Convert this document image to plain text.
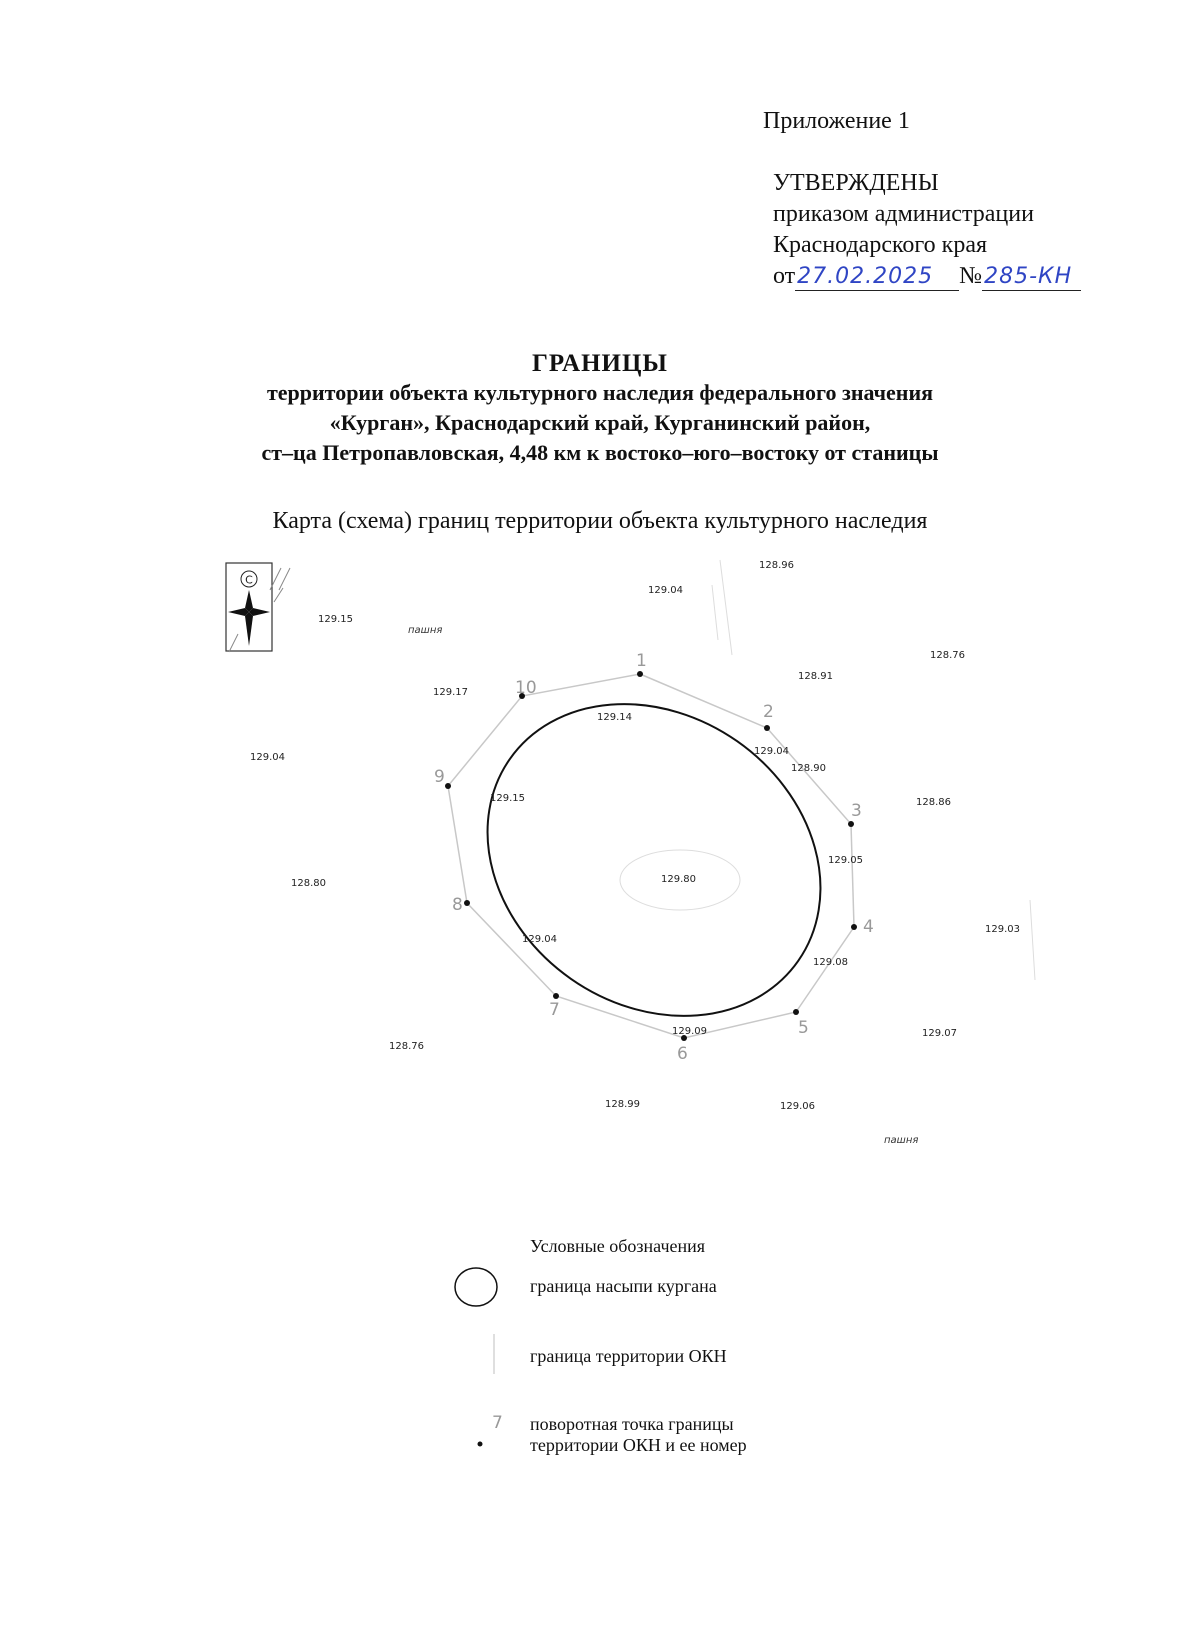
Приложение 1
УТВЕРЖДЕНЫ
приказом администрации
Краснодарского края
от27.02.2025 №285-КН
ГРАНИЦЫ
территории объекта культурного наследия федерального значения
«Курган», Краснодарский край, Курганинский район,
ст–ца Петропавловская, 4,48 км к востоко–юго–востоку от станицы
Карта (схема) границ территории объекта культурного наследия
С
1
2
3
4
5
6
7
8
9
10
129.04
128.96
129.15
128.76
129.17
128.91
129.14
129.04
128.90
129.04
128.86
129.15
129.05
129.80
128.80
129.03
129.04
129.08
129.07
128.76
129.09
128.99	129.06
пашня
пашня
Условные обозначения
граница насыпи кургана
граница территории ОКН
7 поворотная точка границы
территории ОКН и ее номер
